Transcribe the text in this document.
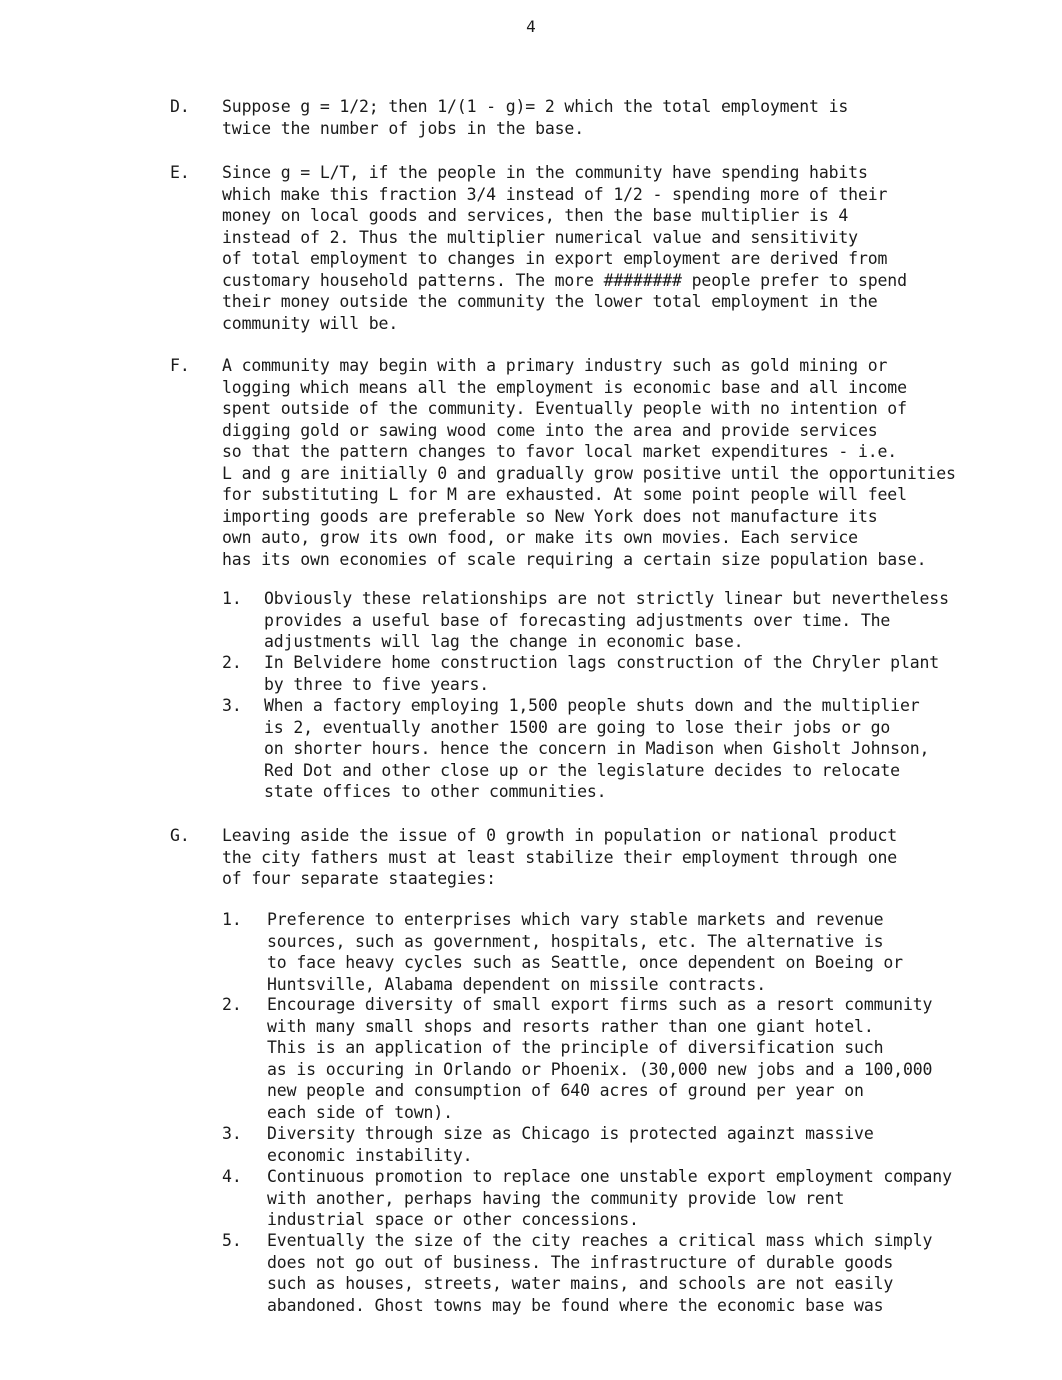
4
D. Suppose g = 1/2; then 1/(1 - g)= 2 which the total employment is
twice the number of jobs in the base.
E. Since g = L/T, if the people in the community have spending habits
which make this fraction 3/4 instead of 1/2 - spending more of their
money on local goods and services, then the base multiplier is 4
instead of 2. Thus the multiplier numerical value and sensitivity
of total employment to changes in export employment are derived from
customary household patterns. The more ######## people prefer to spend
their money outside the community the lower total employment in the
community will be.
F. A community may begin with a primary industry such as gold mining or
logging which means all the employment is economic base and all income
spent outside of the community. Eventually people with no intention of
digging gold or sawing wood come into the area and provide services
so that the pattern changes to favor local market expenditures - i.e.
L and g are initially 0 and gradually grow positive until the opportunities
for substituting L for M are exhausted. At some point people will feel
importing goods are preferable so New York does not manufacture its
own auto, grow its own food, or make its own movies. Each service
has its own economies of scale requiring a certain size population base.
1. Obviously these relationships are not strictly linear but nevertheless
provides a useful base of forecasting adjustments over time. The
adjustments will lag the change in economic base.
2. In Belvidere home construction lags construction of the Chryler plant
by three to five years.
3. When a factory employing 1,500 people shuts down and the multiplier
is 2, eventually another 1500 are going to lose their jobs or go
on shorter hours. hence the concern in Madison when Gisholt Johnson,
Red Dot and other close up or the legislature decides to relocate
state offices to other communities.
G. Leaving aside the issue of 0 growth in population or national product
the city fathers must at least stabilize their employment through one
of four separate staategies:
1. Preference to enterprises which vary stable markets and revenue
sources, such as government, hospitals, etc. The alternative is
to face heavy cycles such as Seattle, once dependent on Boeing or
Huntsville, Alabama dependent on missile contracts.
2. Encourage diversity of small export firms such as a resort community
with many small shops and resorts rather than one giant hotel.
This is an application of the principle of diversification such
as is occuring in Orlando or Phoenix. (30,000 new jobs and a 100,000
new people and consumption of 640 acres of ground per year on
each side of town).
3. Diversity through size as Chicago is protected againzt massive
economic instability.
4. Continuous promotion to replace one unstable export employment company
with another, perhaps having the community provide low rent
industrial space or other concessions.
5. Eventually the size of the city reaches a critical mass which simply
does not go out of business. The infrastructure of durable goods
such as houses, streets, water mains, and schools are not easily
abandoned. Ghost towns may be found where the economic base was
